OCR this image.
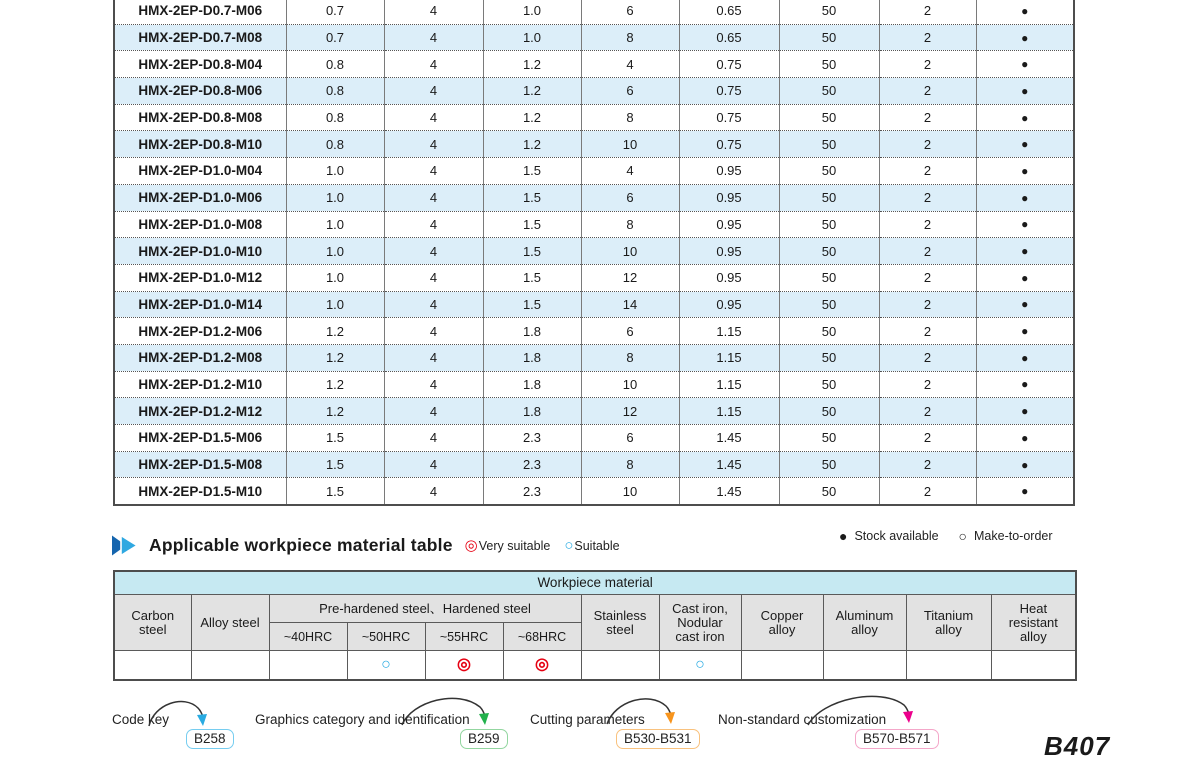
HMX-2EP-D0.7-M06	0.7	4	1.0	6	0.65	50	2	●
HMX-2EP-D0.7-M08	0.7	4	1.0	8	0.65	50	2	●
HMX-2EP-D0.8-M04	0.8	4	1.2	4	0.75	50	2	●
HMX-2EP-D0.8-M06	0.8	4	1.2	6	0.75	50	2	●
HMX-2EP-D0.8-M08	0.8	4	1.2	8	0.75	50	2	●
HMX-2EP-D0.8-M10	0.8	4	1.2	10	0.75	50	2	●
HMX-2EP-D1.0-M04	1.0	4	1.5	4	0.95	50	2	●
HMX-2EP-D1.0-M06	1.0	4	1.5	6	0.95	50	2	●
HMX-2EP-D1.0-M08	1.0	4	1.5	8	0.95	50	2	●
HMX-2EP-D1.0-M10	1.0	4	1.5	10	0.95	50	2	●
HMX-2EP-D1.0-M12	1.0	4	1.5	12	0.95	50	2	●
HMX-2EP-D1.0-M14	1.0	4	1.5	14	0.95	50	2	●
HMX-2EP-D1.2-M06	1.2	4	1.8	6	1.15	50	2	●
HMX-2EP-D1.2-M08	1.2	4	1.8	8	1.15	50	2	●
HMX-2EP-D1.2-M10	1.2	4	1.8	10	1.15	50	2	●
HMX-2EP-D1.2-M12	1.2	4	1.8	12	1.15	50	2	●
HMX-2EP-D1.5-M06	1.5	4	2.3	6	1.45	50	2	●
HMX-2EP-D1.5-M08	1.5	4	2.3	8	1.45	50	2	●
HMX-2EP-D1.5-M10	1.5	4	2.3	10	1.45	50	2	●
Applicable workpiece material table ◎ Very suitable ○ Suitable
● Stock available ○ Make-to-order
Workpiece material											
Carbon steel	Alloy steel	Pre-hardened steel、Hardened steel				Stainless steel	Cast iron, Nodular cast iron	Copper alloy	Aluminum alloy	Titanium alloy	Heat resistant alloy
		~40HRC	~50HRC	~55HRC	~68HRC						
			○	◎	◎		○				
Code key
B258
Graphics category and identification
B259
Cutting parameters
B530-B531
Non-standard customization
B570-B571	B407
